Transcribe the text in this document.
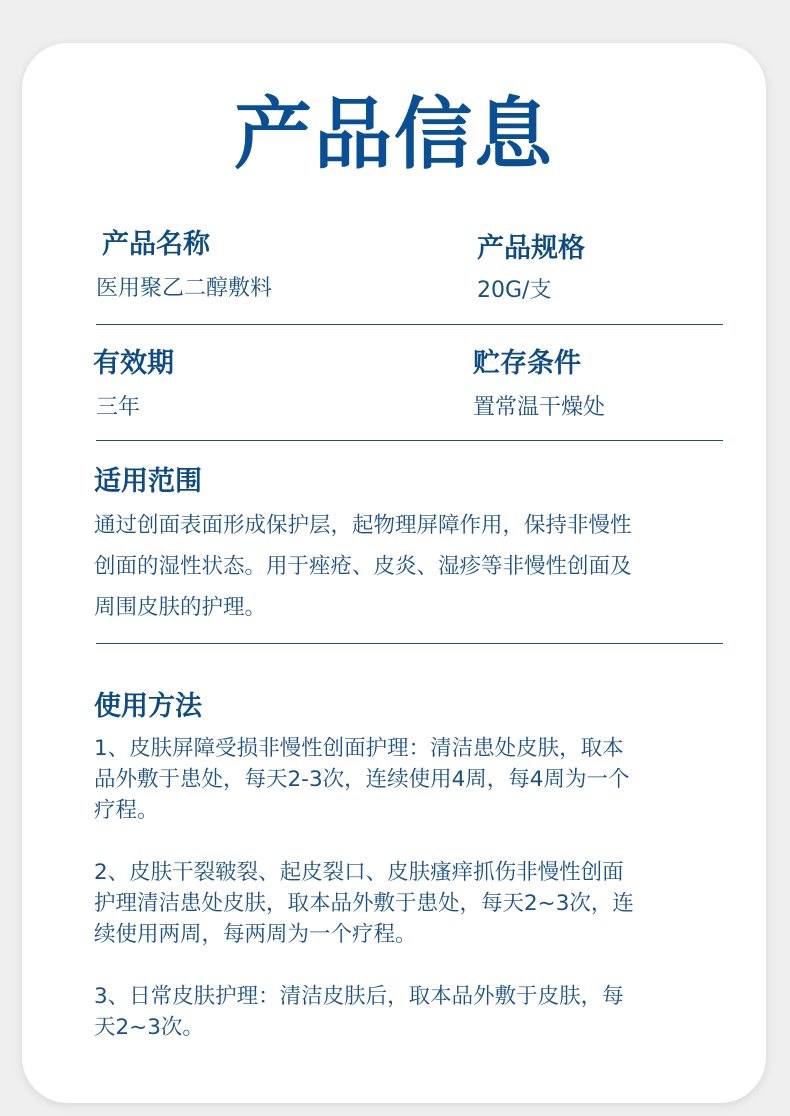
产品信息
产品名称
医用聚乙二醇敷料
产品规格
20G/支
有效期
三年
贮存条件
置常温干燥处
适用范围
通过创面表面形成保护层，起物理屏障作用，保持非慢性
创面的湿性状态。用于痤疮、皮炎、湿疹等非慢性创面及
周围皮肤的护理。
使用方法
1、皮肤屏障受损非慢性创面护理：清洁患处皮肤，取本
品外敷于患处，每天2-3次，连续使用4周，每4周为一个
疗程。
2、皮肤干裂皲裂、起皮裂口、皮肤瘙痒抓伤非慢性创面
护理清洁患处皮肤，取本品外敷于患处，每天2~3次，连
续使用两周，每两周为一个疗程。
3、日常皮肤护理：清洁皮肤后，取本品外敷于皮肤，每
天2~3次。
